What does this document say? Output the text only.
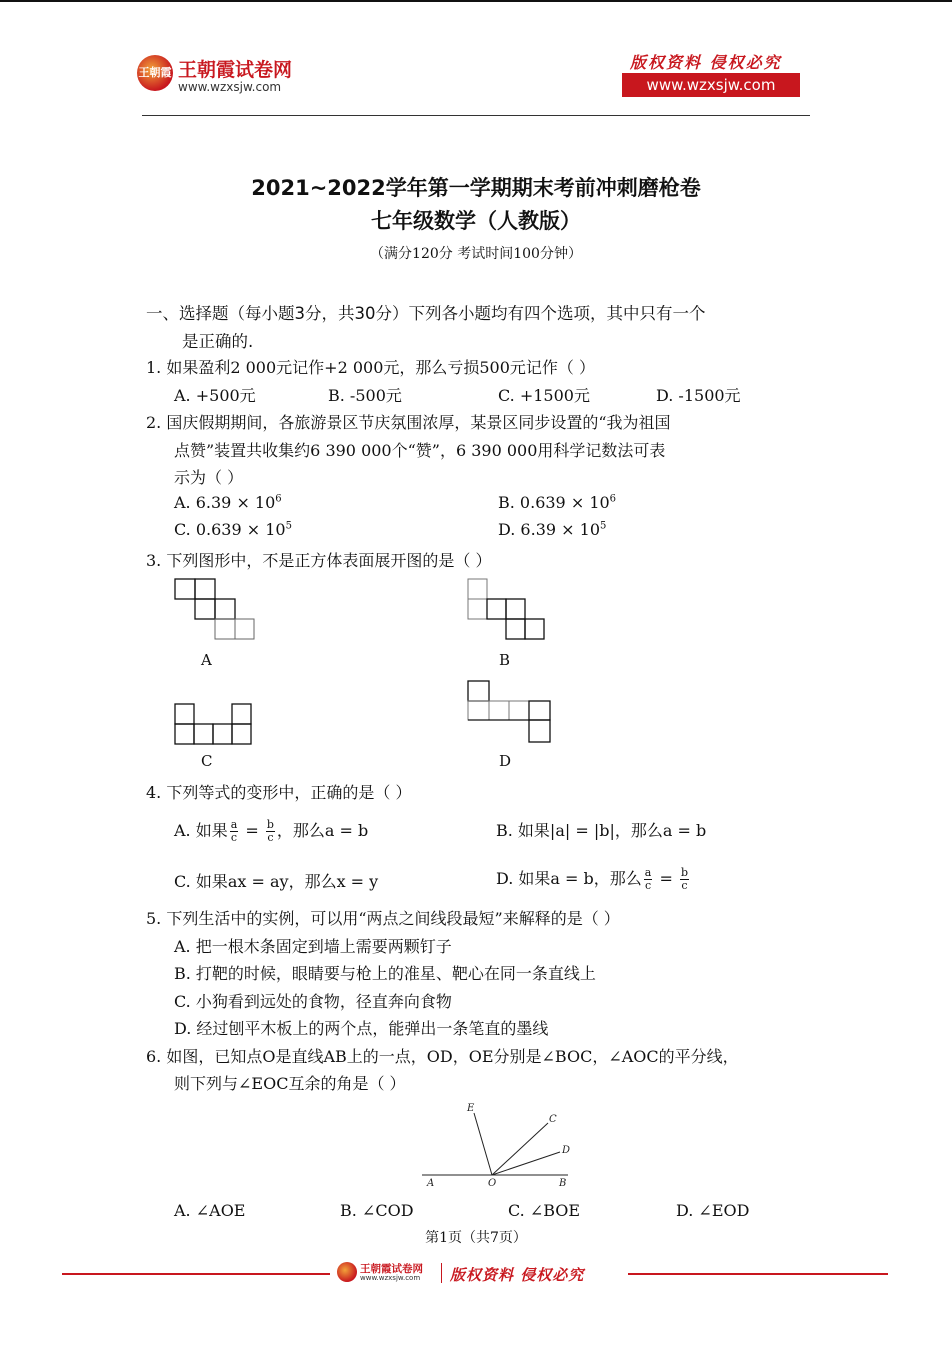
王朝霞 王朝霞试卷网
www.wzxsjw.com
版权资料 侵权必究
www.wzxsjw.com
2021~2022学年第一学期期末考前冲刺磨枪卷
七年级数学（人教版）
（满分120分 考试时间100分钟）
一、选择题（每小题3分，共30分）下列各小题均有四个选项，其中只有一个
是正确的.
1. 如果盈利2 000元记作+2 000元，那么亏损500元记作（ ）
A. +500元	B. -500元	C. +1500元	D. -1500元
2. 国庆假期期间，各旅游景区节庆氛围浓厚，某景区同步设置的“我为祖国
点赞”装置共收集约6 390 000个“赞”，6 390 000用科学记数法可表
示为（ ）
A. $6.39 \times 10^6$	B. $0.639 \times 10^6$
C. $0.639 \times 10^5$	D. $6.39 \times 10^5$
3. 下列图形中，不是正方体表面展开图的是（ ）
A	B
C	D
4. 下列等式的变形中，正确的是（ ）
A. 如果 $\frac{a}{c} = \frac{b}{c}$ ，那么a = b	B. 如果|a| = |b|，那么a = b
C. 如果ax = ay，那么x = y	D. 如果a = b，那么 $\frac{a}{c} = \frac{b}{c}$
5. 下列生活中的实例，可以用“两点之间线段最短”来解释的是（ ）
A. 把一根木条固定到墙上需要两颗钉子
B. 打靶的时候，眼睛要与枪上的准星、靶心在同一条直线上
C. 小狗看到远处的食物，径直奔向食物
D. 经过刨平木板上的两个点，能弹出一条笔直的墨线
6. 如图，已知点O是直线AB上的一点，OD，OE分别是∠BOC，∠AOC的平分线，
则下列与∠EOC互余的角是（ ）
E
C
D
A	O	B
A. ∠AOE	B. ∠COD	C. ∠BOE	D. ∠EOD
第1页（共7页）
王朝霞试卷网
www.wzxsjw.com 版权资料 侵权必究
